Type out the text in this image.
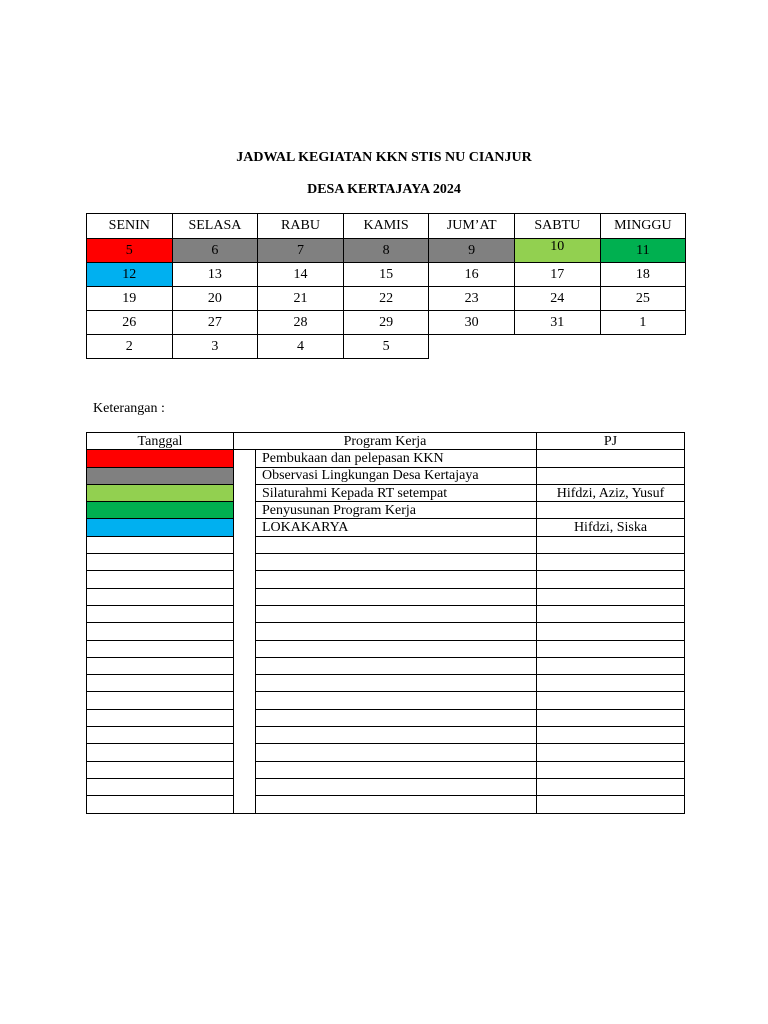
JADWAL KEGIATAN KKN STIS NU CIANJUR
DESA KERTAJAYA 2024
SENIN	SELASA	RABU	KAMIS	JUM’AT	SABTU	MINGGU
5	6	7	8	9	10	11
12	13	14	15	16	17	18
19	20	21	22	23	24	25
26	27	28	29	30	31	1
2	3	4	5			
Keterangan :
Tanggal	Program Kerja		PJ
		Pembukaan dan pelepasan KKN	
		Observasi Lingkungan Desa Kertajaya	
		Silaturahmi Kepada RT setempat	Hifdzi, Aziz, Yusuf
		Penyusunan Program Kerja	
		LOKAKARYA	Hifdzi, Siska
